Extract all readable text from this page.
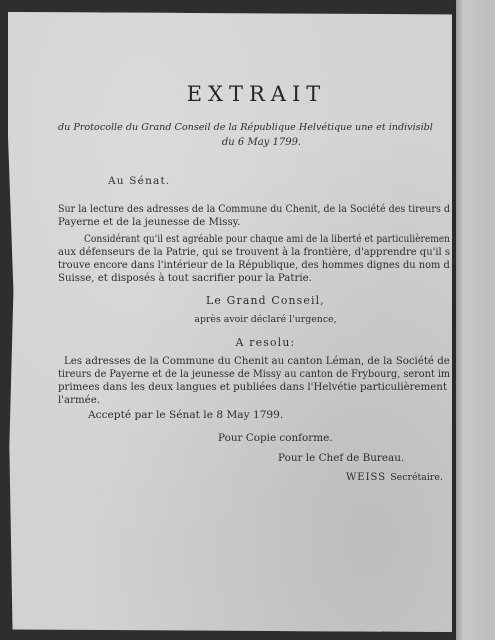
EXTRAIT
du Protocolle du Grand Conseil de la République Helvétique une et indivisibl
du 6 May 1799.
Au Sénat.
Sur la lecture des adresses de la Commune du Chenit, de la Société des tireurs d
Payerne et de la jeunesse de Missy.
Considérant qu'il est agréable pour chaque ami de la liberté et particulièremen
aux défenseurs de la Patrie, qui se trouvent à la frontière, d'apprendre qu'il s
trouve encore dans l'intérieur de la République, des hommes dignes du nom d
Suisse, et disposés à tout sacrifier pour la Patrie.
Le Grand Conseil,
après avoir déclaré l'urgence,
A resolu:
Les adresses de la Commune du Chenit au canton Léman, de la Société de
tireurs de Payerne et de la jeunesse de Missy au canton de Frybourg, seront im
primees dans les deux langues et publiées dans l'Helvétie particulièrement
l'armée.
Accepté par le Sénat le 8 May 1799.
Pour Copie conforme.
Pour le Chef de Bureau.
WEISS Secrétaire.
